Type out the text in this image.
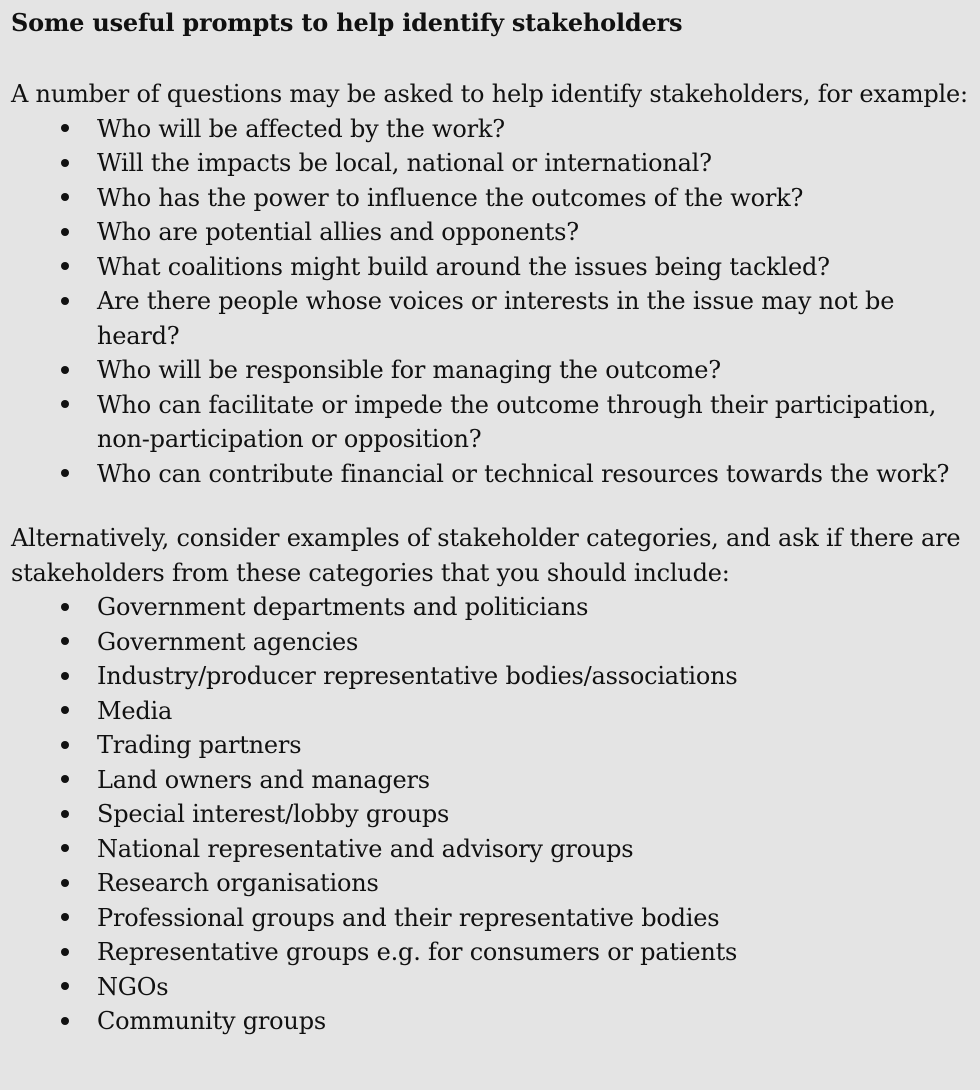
Some useful prompts to help identify stakeholders

A number of questions may be asked to help identify stakeholders, for example:

Who will be affected by the work?
Will the impacts be local, national or international?
Who has the power to influence the outcomes of the work?
Who are potential allies and opponents?
What coalitions might build around the issues being tackled?
Are there people whose voices or interests in the issue may not be heard?
Who will be responsible for managing the outcome?
Who can facilitate or impede the outcome through their participation, non-participation or opposition?
Who can contribute financial or technical resources towards the work?

Alternatively, consider examples of stakeholder categories, and ask if there are stakeholders from these categories that you should include:

Government departments and politicians
Government agencies
Industry/producer representative bodies/associations
Media
Trading partners
Land owners and managers
Special interest/lobby groups
National representative and advisory groups
Research organisations
Professional groups and their representative bodies
Representative groups e.g. for consumers or patients
NGOs
Community groups
